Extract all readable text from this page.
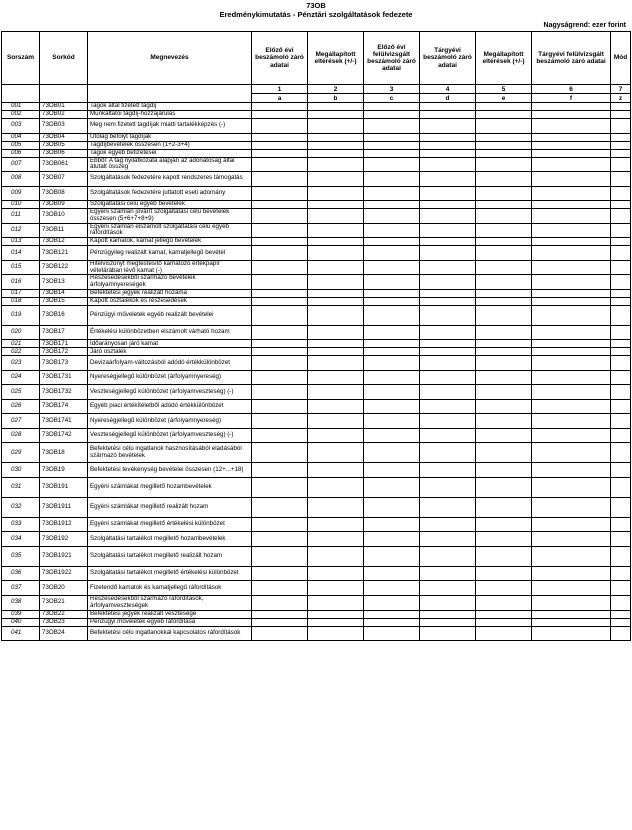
73OB
Eredménykimutatás - Pénztári szolgáltatások fedezete
Nagyságrend: ezer forint
Sorszám	Sorkód	Megnevezés	Előző évi beszámoló záró adatai	Megállapított eltérések (+/-)	Előző évi felülvizsgált beszámoló záró adatai	Tárgyévi beszámoló záró adatai	Megállapított eltérések (+/-)	Tárgyévi felülvizsgált beszámoló záró adatai	Mód
			1	2	3	4	5	6	7
			a	b	c	d	e	f	z
001	73OB01	Tagok által fizetett tagdíj							
002	73OB02	Munkáltatói tagdíj-hozzájárulás							
003	73OB03	Meg nem fizetett tagdíjak miatti tartalékképzés (-)							
004	73OB04	Utólag befolyt tagdíjak							
005	73OB05	Tagdíjbevételek összesen (1+2-3+4)							
006	73OB06	Tagok egyéb befizetései							
007	73OB061	Ebből: A tag nyilatkozata alapján az adónatóság által átutalt összeg							
008	73OB07	Szolgáltatások fedezetére kapott rendszeres támogatás							
009	73OB08	Szolgáltatások fedezetére juttatott eseti adomány							
010	73OB09	Szolgáltatási célú egyéb bevételek							
011	73OB10	Egyéni számlán jóváírt szolgáltatási célú bevételek összesen (5+6+7+8+9)							
012	73OB11	Egyéni számlán elszámolt szolgáltatási célú egyéb ráfordítások							
013	73OB12	Kapott kamatok, kamat jellegű bevételek							
014	73OB121	Pénzügyileg realizált kamat, kamatjellegű bevétel							
015	73OB122	Hitelviszonyt megtestesítő kamatozó értékpapír vételárában lévő kamat (-)							
016	73OB13	Részesedésekből származó bevételek árfolyamnyereségek							
017	73OB14	Befektetési jegyek realizált hozama							
018	73OB15	Kapott osztalékok és részesedések							
019	73OB16	Pénzügyi műveletek egyéb realizált bevételei							
020	73OB17	Értékelési különbözetben elszámolt várható hozam							
021	73OB171	Időarányosan járó kamat							
022	73OB172	Járó osztalék							
023	73OB173	Devizaárfolyam-változásból adódó értékkülönbözet							
024	73OB1731	Nyereségjellegű különbözet (árfolyamnyereség)							
025	73OB1732	Veszteségjellegű különbözet (árfolyamveszteség) (-)							
026	73OB174	Egyéb piaci értékítéletből adódó értékkülönbözet							
027	73OB1741	Nyereségjellegű különbözet (árfolyamnyereség)							
028	73OB1742	Veszteségjellegű különbözet (árfolyamveszteség) (-)							
029	73OB18	Befektetési célú ingatlanok hasznosításából eladásából származó bevételek							
030	73OB19	Befektetési tevékenység bevételei összesen (12+...+18)							
031	73OB191	Egyéni számlákat megillető hozambevételek							
032	73OB1911	Egyéni számlákat megillető realizált hozam							
033	73OB1912	Egyéni számlákat megillető értékelési különbözet							
034	73OB192	Szolgáltatási tartalékot megillető hozambevételek							
035	73OB1921	Szolgáltatási tartalékot megillető realizált hozam							
036	73OB1922	Szolgáltatási tartalékot megillető értékelési különbözet							
037	73OB20	Fizetendő kamatok és kamatjellegű ráfordítások							
038	73OB21	Részesedésekből származó ráfordítások, árfolyamveszteségek							
039	73OB22	Befektetési jegyek realizált vesztesége							
040	73OB23	Pénzügyi műveletek egyéb ráfordítása							
041	73OB24	Befektetési célú ingatlanokkal kapcsolatos ráfordítások							
